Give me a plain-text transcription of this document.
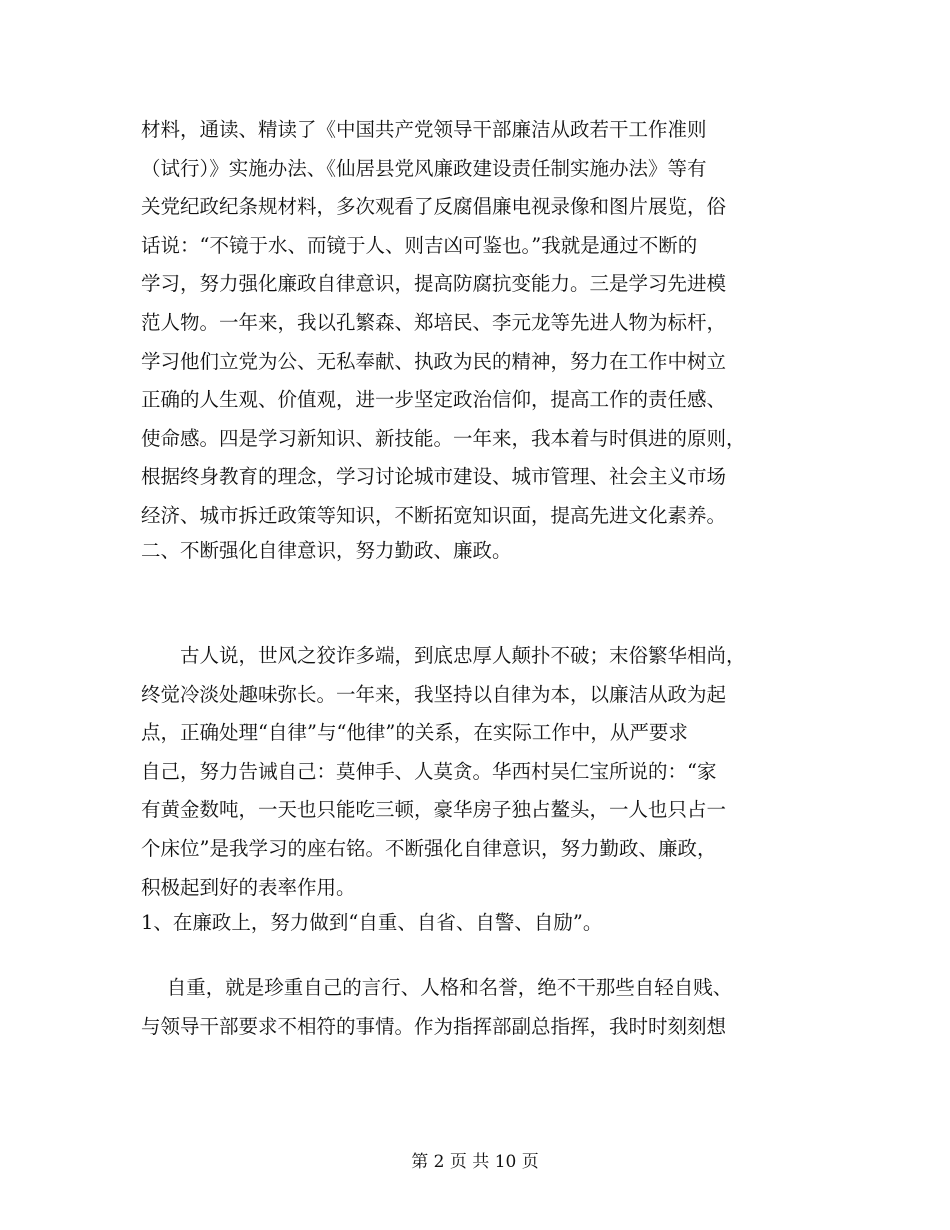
材料，通读、精读了《中国共产党领导干部廉洁从政若干工作准则
（试行）》实施办法、《仙居县党风廉政建设责任制实施办法》等有
关党纪政纪条规材料，多次观看了反腐倡廉电视录像和图片展览，俗
话说：“不镜于水、而镜于人、则吉凶可鉴也。”我就是通过不断的
学习，努力强化廉政自律意识，提高防腐抗变能力。三是学习先进模
范人物。一年来，我以孔繁森、郑培民、李元龙等先进人物为标杆，
学习他们立党为公、无私奉献、执政为民的精神，努力在工作中树立
正确的人生观、价值观，进一步坚定政治信仰，提高工作的责任感、
使命感。四是学习新知识、新技能。一年来，我本着与时俱进的原则，
根据终身教育的理念，学习讨论城市建设、城市管理、社会主义市场
经济、城市拆迁政策等知识，不断拓宽知识面，提高先进文化素养。
二、不断强化自律意识，努力勤政、廉政。
　　古人说，世风之狡诈多端，到底忠厚人颠扑不破；末俗繁华相尚，
终觉冷淡处趣味弥长。一年来，我坚持以自律为本，以廉洁从政为起
点，正确处理“自律”与“他律”的关系，在实际工作中，从严要求
自己，努力告诫自己：莫伸手、人莫贪。华西村吴仁宝所说的：“家
有黄金数吨，一天也只能吃三顿，豪华房子独占鳌头，一人也只占一
个床位”是我学习的座右铭。不断强化自律意识，努力勤政、廉政，
积极起到好的表率作用。
1、在廉政上，努力做到“自重、自省、自警、自励”。
　 自重，就是珍重自己的言行、人格和名誉，绝不干那些自轻自贱、
与领导干部要求不相符的事情。作为指挥部副总指挥，我时时刻刻想
第 2 页 共 10 页
